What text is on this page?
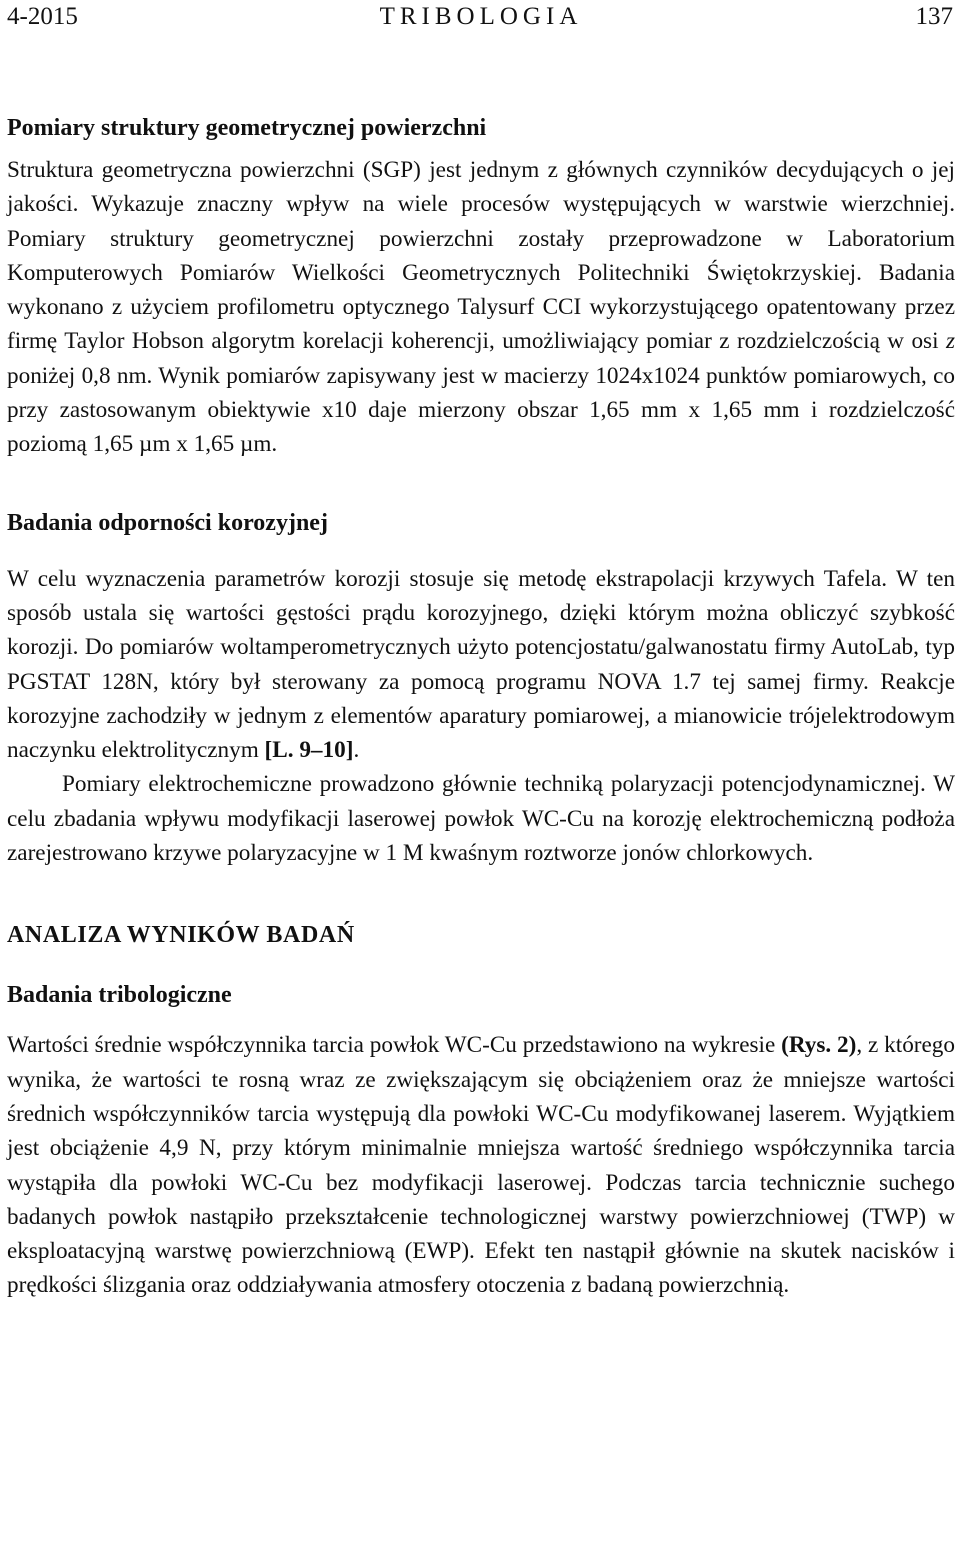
4-2015	TRIBOLOGIA	137
Pomiary struktury geometrycznej powierzchni

Struktura geometryczna powierzchni (SGP) jest jednym z głównych czynników decydujących o jej jakości. Wykazuje znaczny wpływ na wiele procesów występujących w warstwie wierzchniej. Pomiary struktury geometrycznej powierzchni zostały przeprowadzone w Laboratorium Komputerowych Pomiarów Wielkości Geometrycznych Politechniki Świętokrzyskiej. Badania wykonano z użyciem profilometru optycznego Talysurf CCI wykorzystującego opatentowany przez firmę Taylor Hobson algorytm korelacji koherencji, umożliwiający pomiar z rozdzielczością w osi z poniżej 0,8 nm. Wynik pomiarów zapisywany jest w macierzy 1024x1024 punktów pomiarowych, co przy zastosowanym obiektywie x10 daje mierzony obszar 1,65 mm x 1,65 mm i rozdzielczość poziomą 1,65 µm x 1,65 µm.

Badania odporności korozyjnej

W celu wyznaczenia parametrów korozji stosuje się metodę ekstrapolacji krzywych Tafela. W ten sposób ustala się wartości gęstości prądu korozyjnego, dzięki którym można obliczyć szybkość korozji. Do pomiarów woltamperometrycznych użyto potencjostatu/galwanostatu firmy AutoLab, typ PGSTAT 128N, który był sterowany za pomocą programu NOVA 1.7 tej samej firmy. Reakcje korozyjne zachodziły w jednym z elementów aparatury pomiarowej, a mianowicie trójelektrodowym naczynku elektrolitycznym [L. 9–10].

Pomiary elektrochemiczne prowadzono głównie techniką polaryzacji potencjodynamicznej. W celu zbadania wpływu modyfikacji laserowej powłok WC-Cu na korozję elektrochemiczną podłoża zarejestrowano krzywe polaryzacyjne w 1 M kwaśnym roztworze jonów chlorkowych.

ANALIZA WYNIKÓW BADAŃ
Badania tribologiczne

Wartości średnie współczynnika tarcia powłok WC-Cu przedstawiono na wykresie (Rys. 2), z którego wynika, że wartości te rosną wraz ze zwiększającym się obciążeniem oraz że mniejsze wartości średnich współczynników tarcia występują dla powłoki WC-Cu modyfikowanej laserem. Wyjątkiem jest obciążenie 4,9 N, przy którym minimalnie mniejsza wartość średniego współczynnika tarcia wystąpiła dla powłoki WC-Cu bez modyfikacji laserowej. Podczas tarcia technicznie suchego badanych powłok nastąpiło przekształcenie technologicznej warstwy powierzchniowej (TWP) w eksploatacyjną warstwę powierzchniową (EWP). Efekt ten nastąpił głównie na skutek nacisków i prędkości ślizgania oraz oddziaływania atmosfery otoczenia z badaną powierzchnią.
